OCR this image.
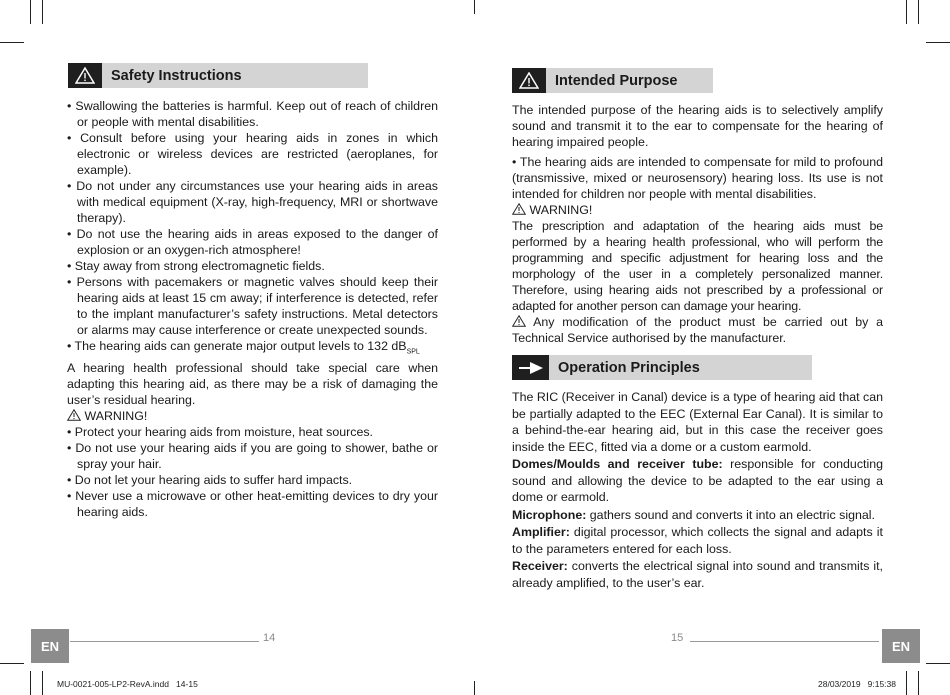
Safety Instructions

• Swallowing the batteries is harmful. Keep out of reach of children or people with mental disabilities.

• Consult before using your hearing aids in zones in which electronic or wireless devices are restricted (aeroplanes, for example).

• Do not under any circumstances use your hearing aids in areas with medical equipment (X-ray, high-frequency, MRI or shortwave therapy).

• Do not use the hearing aids in areas exposed to the danger of explosion or an oxygen-rich atmosphere!

• Stay away from strong electromagnetic fields.

• Persons with pacemakers or magnetic valves should keep their hearing aids at least 15 cm away; if interference is detected, refer to the implant manufacturer’s safety instructions. Metal detectors or alarms may cause interference or create unexpected sounds.

• The hearing aids can generate major output levels to 132 $dB_{SPL}$

A hearing health professional should take special care when adapting this hearing aid, as there may be a risk of damaging the user’s residual hearing.

WARNING!

• Protect your hearing aids from moisture, heat sources.

• Do not use your hearing aids if you are going to shower, bathe or spray your hair.

• Do not let your hearing aids to suffer hard impacts.

• Never use a microwave or other heat-emitting devices to dry your hearing aids.

Intended Purpose

The intended purpose of the hearing aids is to selectively amplify sound and transmit it to the ear to compensate for the hearing of hearing impaired people.

• The hearing aids are intended to compensate for mild to profound (transmissive, mixed or neurosensory) hearing loss. Its use is not intended for children nor people with mental disabilities.

WARNING!

The prescription and adaptation of the hearing aids must be performed by a hearing health professional, who will perform the programming and specific adjustment for hearing loss and the morphology of the user in a completely personalized manner. Therefore, using hearing aids not prescribed by a professional or adapted for another person can damage your hearing.

Any modification of the product must be carried out by a Technical Service authorised by the manufacturer.

Operation Principles

The RIC (Receiver in Canal) device is a type of hearing aid that can be partially adapted to the EEC (External Ear Canal). It is similar to a behind-the-ear hearing aid, but in this case the receiver goes inside the EEC, fitted via a dome or a custom earmold.

Domes/Moulds and receiver tube: responsible for conducting sound and allowing the device to be adapted to the ear using a dome or earmold.

Microphone: gathers sound and converts it into an electric signal.

Amplifier: digital processor, which collects the signal and adapts it to the parameters entered for each loss.

Receiver: converts the electrical signal into sound and transmits it, already amplified, to the user’s ear.

EN
14	15
EN
MU-0021-005-LP2-RevA.indd   14-15	28/03/2019   9:15:38
